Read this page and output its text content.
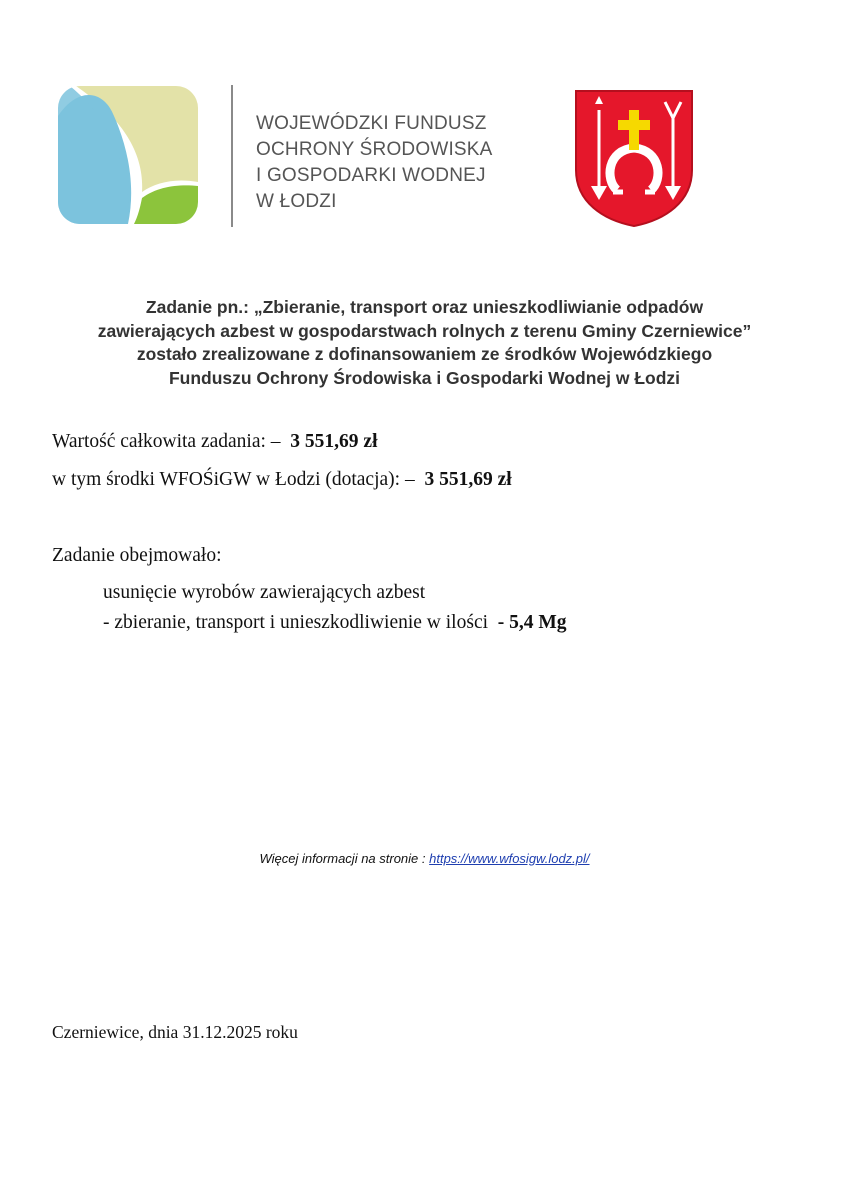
WOJEWÓDZKI FUNDUSZ
OCHRONY ŚRODOWISKA
I GOSPODARKI WODNEJ
W ŁODZI
Zadanie pn.: „Zbieranie, transport oraz unieszkodliwianie odpadów
zawierających azbest w gospodarstwach rolnych z terenu Gminy Czerniewice”
zostało zrealizowane z dofinansowaniem ze środków Wojewódzkiego
Funduszu Ochrony Środowiska i Gospodarki Wodnej w Łodzi
Wartość całkowita zadania: – 3 551,69 zł
w tym środki WFOŚiGW w Łodzi (dotacja): – 3 551,69 zł
Zadanie obejmowało:
usunięcie wyrobów zawierających azbest
- zbieranie, transport i unieszkodliwienie w ilości - 5,4 Mg
Więcej informacji na stronie : https://www.wfosigw.lodz.pl/
Czerniewice, dnia 31.12.2025 roku
